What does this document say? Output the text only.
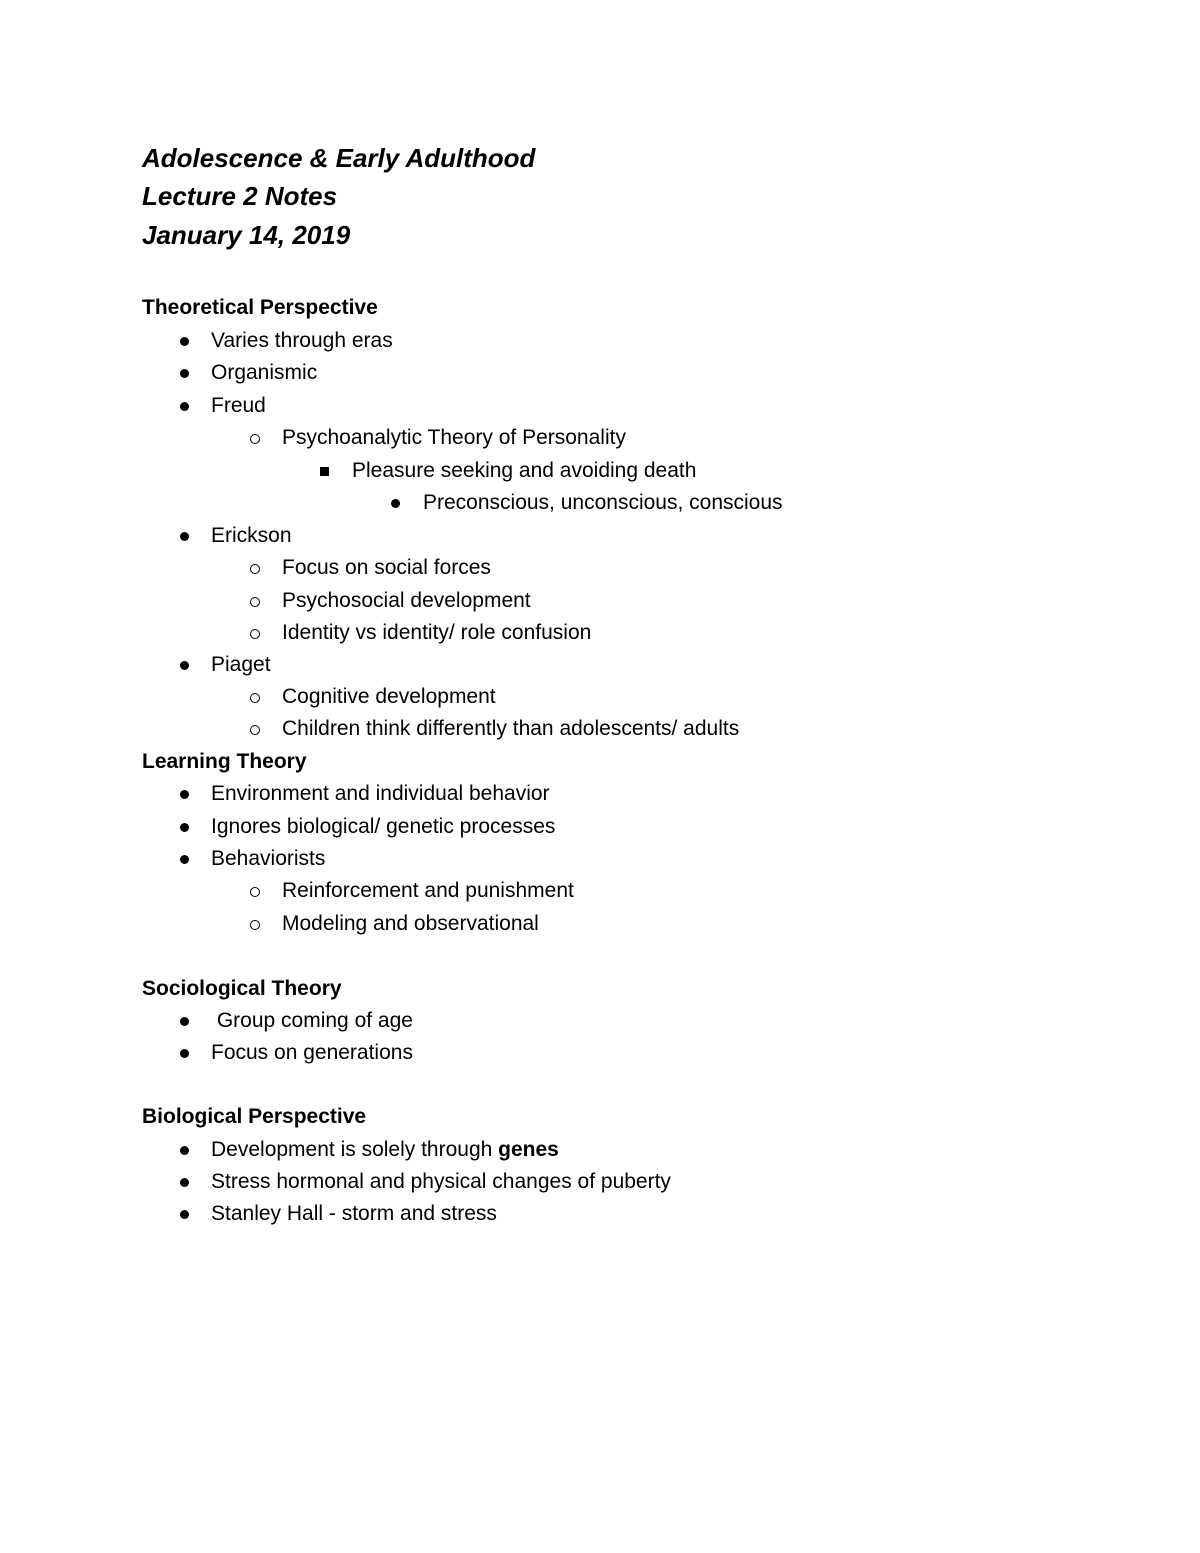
Adolescence & Early Adulthood
Lecture 2 Notes
January 14, 2019
Theoretical Perspective
Varies through eras
Organismic
Freud
Psychoanalytic Theory of Personality
Pleasure seeking and avoiding death
Preconscious, unconscious, conscious
Erickson
Focus on social forces
Psychosocial development
Identity vs identity/ role confusion
Piaget
Cognitive development
Children think differently than adolescents/ adults
Learning Theory
Environment and individual behavior
Ignores biological/ genetic processes
Behaviorists
Reinforcement and punishment
Modeling and observational
Sociological Theory
Group coming of age
Focus on generations
Biological Perspective
Development is solely through genes
Stress hormonal and physical changes of puberty
Stanley Hall - storm and stress
